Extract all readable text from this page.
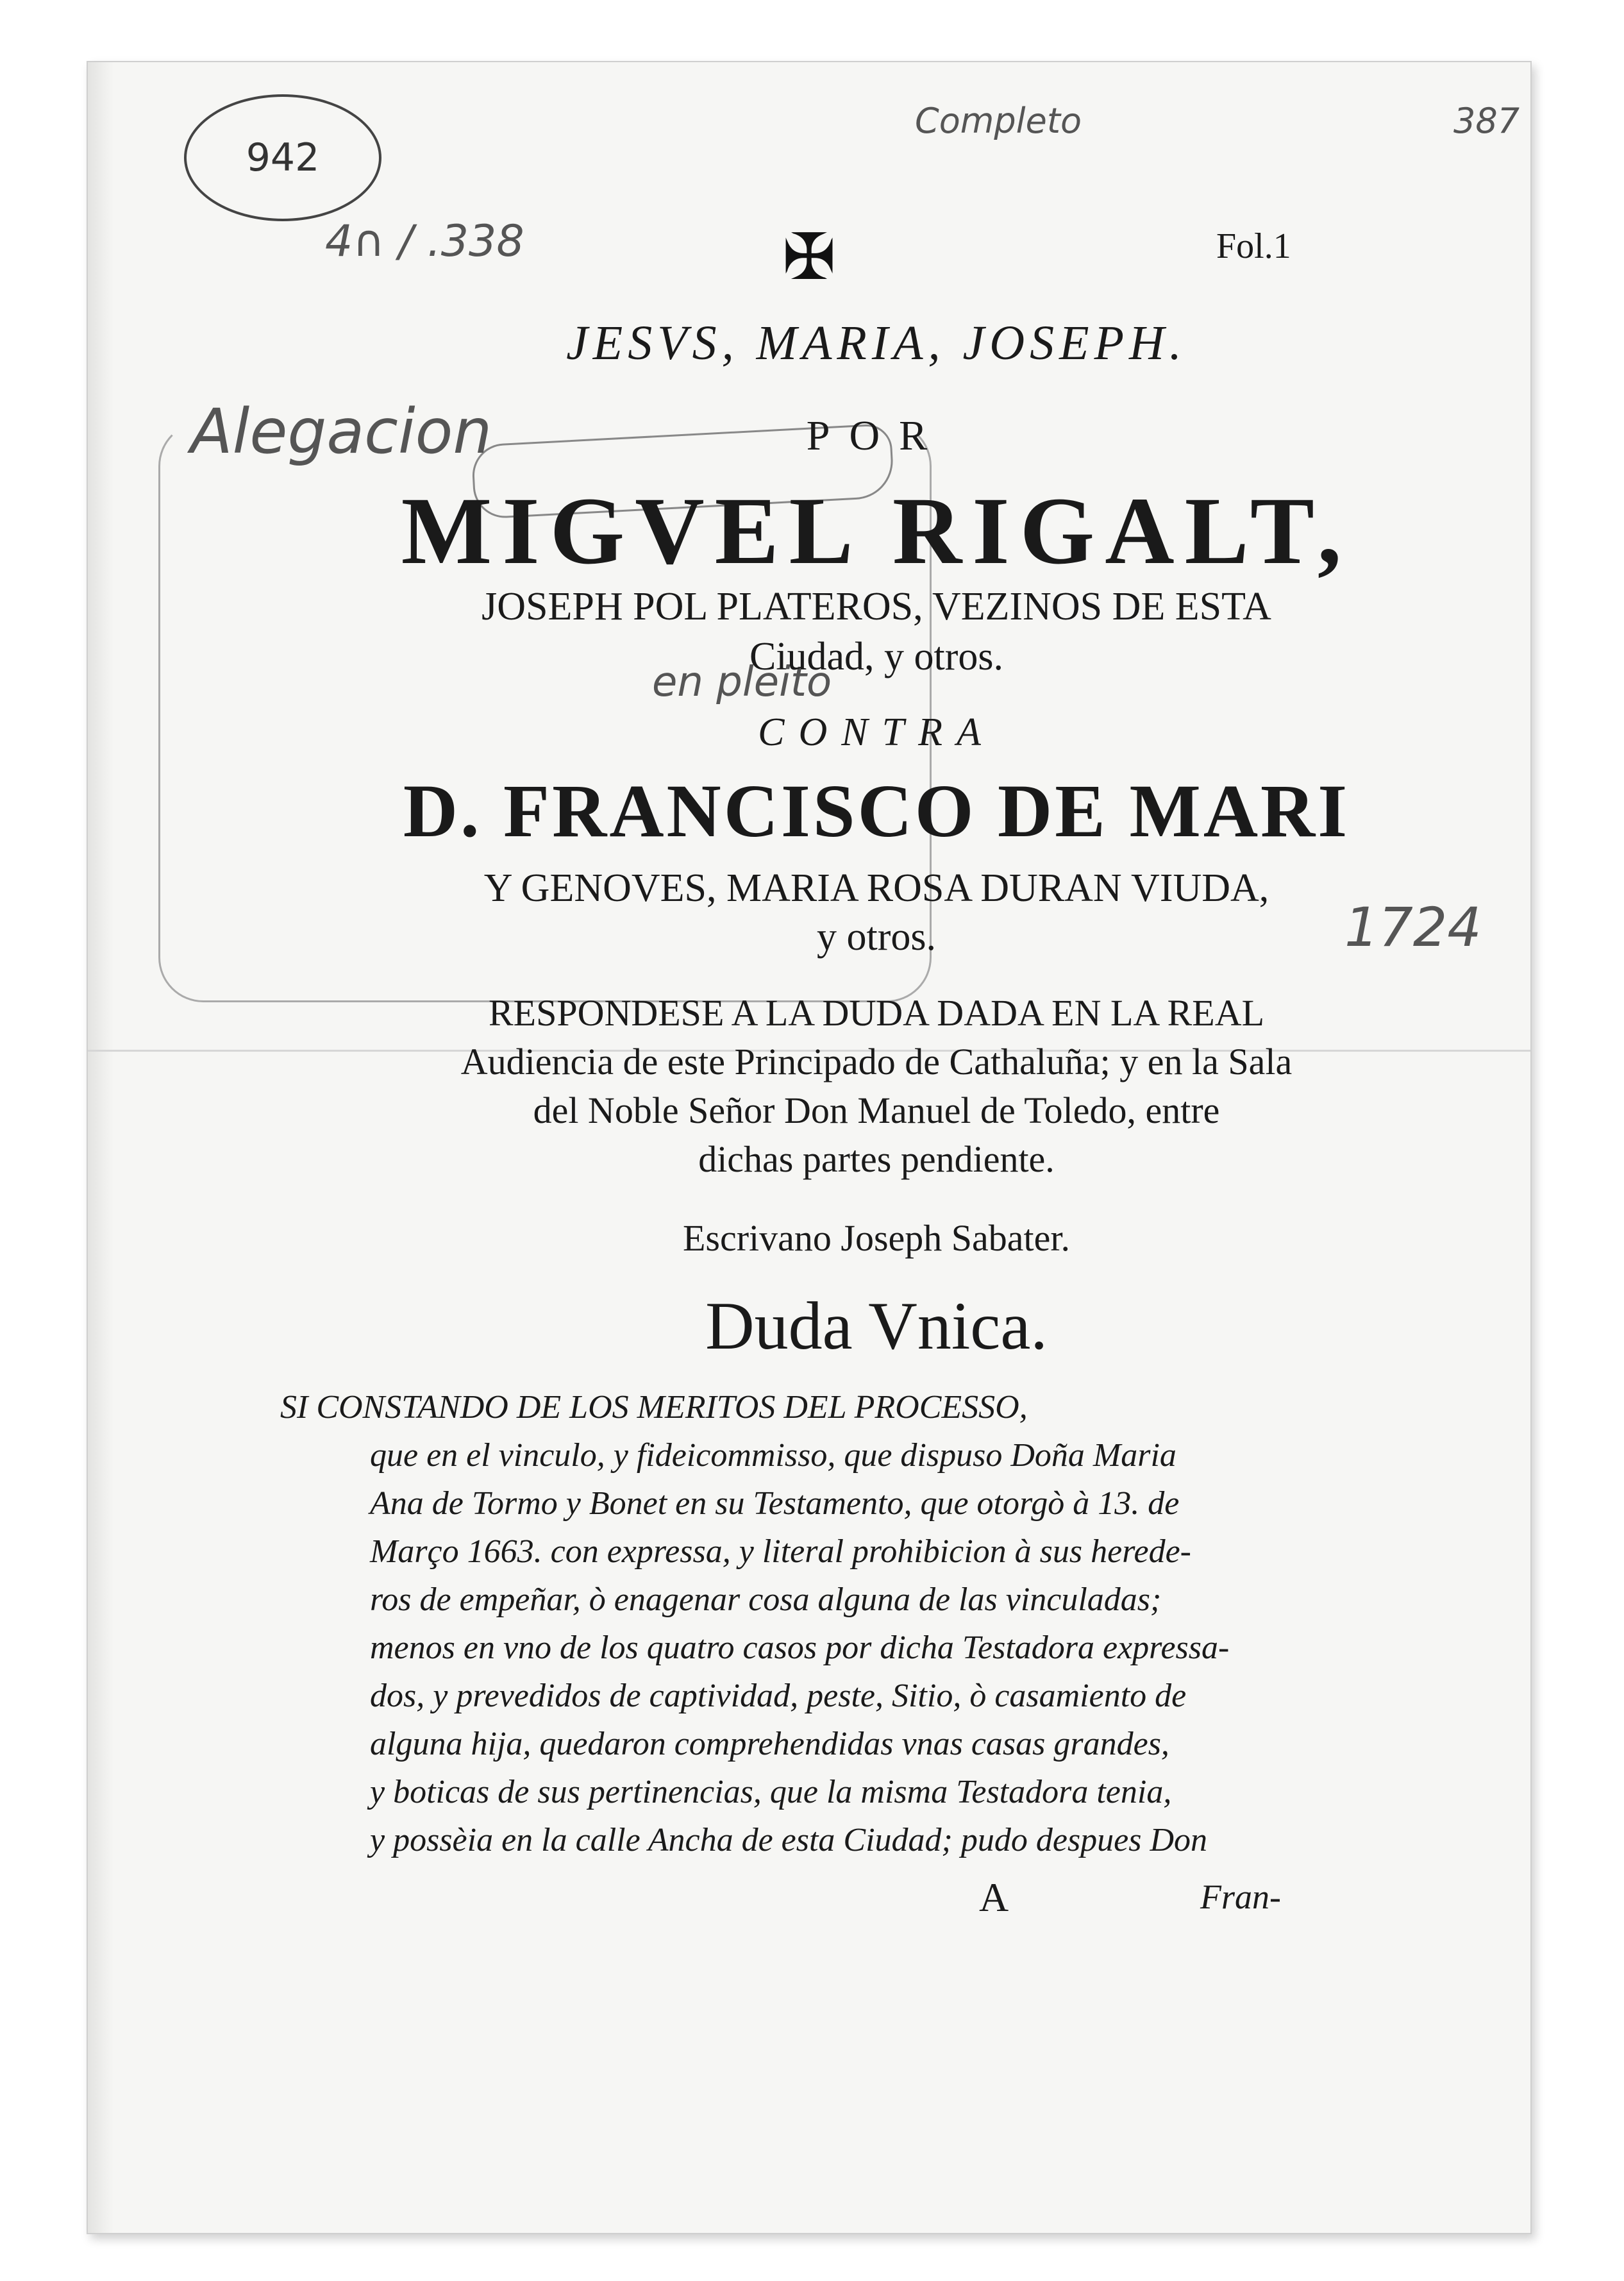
942
Completo	387
4∩ / .338
Alegacion
en pleito
1724
✠	Fol.1
JESVS, MARIA, JOSEPH.
POR
MIGVEL RIGALT,
JOSEPH POL PLATEROS, VEZINOS DE ESTA
Ciudad, y otros.
CONTRA
D. FRANCISCO DE MARI
Y GENOVES, MARIA ROSA DURAN VIUDA,
y otros.
RESPONDESE A LA DUDA DADA EN LA REAL
Audiencia de este Principado de Cathaluña; y en la Sala
del Noble Señor Don Manuel de Toledo, entre
dichas partes pendiente.
Escrivano Joseph Sabater.
Duda Vnica.
SI CONSTANDO DE LOS MERITOS DEL PROCESSO,
que en el vinculo, y fideicommisso, que dispuso Doña Maria
Ana de Tormo y Bonet en su Testamento, que otorgò à 13. de
Março 1663. con expressa, y literal prohibicion à sus herede-
ros de empeñar, ò enagenar cosa alguna de las vinculadas;
menos en vno de los quatro casos por dicha Testadora expressa-
dos, y prevedidos de captividad, peste, Sitio, ò casamiento de
alguna hija, quedaron comprehendidas vnas casas grandes,
y boticas de sus pertinencias, que la misma Testadora tenia,
y possèia en la calle Ancha de esta Ciudad; pudo despues Don
A	Fran-
